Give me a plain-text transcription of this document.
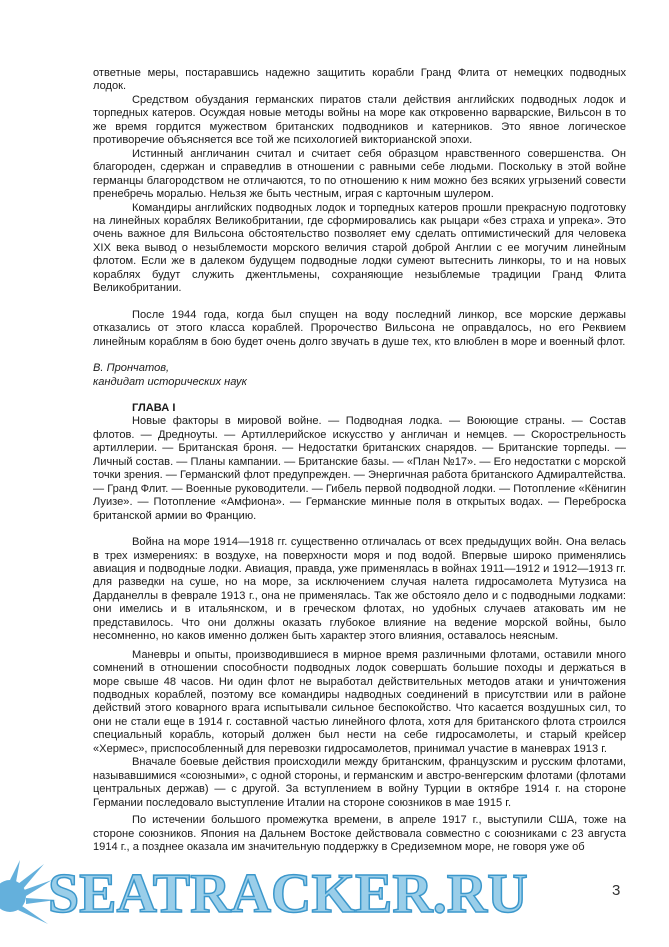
ответные меры, постаравшись надежно защитить корабли Гранд Флита от немецких подводных лодок.

Средством обуздания германских пиратов стали действия английских подводных лодок и торпедных катеров. Осуждая новые методы войны на море как откровенно варварские, Вильсон в то же время гордится мужеством британских подводников и катерников. Это явное логическое противоречие объясняется все той же психологией викторианской эпохи.

Истинный англичанин считал и считает себя образцом нравственного совершенства. Он благороден, сдержан и справедлив в отношении с равными себе людьми. Поскольку в этой войне германцы благородством не отличаются, то по отношению к ним можно без всяких угрызений совести пренебречь моралью. Нельзя же быть честным, играя с карточным шулером.

Командиры английских подводных лодок и торпедных катеров прошли прекрасную подготовку на линейных кораблях Великобритании, где сформировались как рыцари «без страха и упрека». Это очень важное для Вильсона обстоятельство позволяет ему сделать оптимистический для человека XIX века вывод о незыблемости морского величия старой доброй Англии с ее могучим линейным флотом. Если же в далеком будущем подводные лодки сумеют вытеснить линкоры, то и на новых кораблях будут служить джентльмены, сохраняющие незыблемые традиции Гранд Флита Великобритании.

После 1944 года, когда был спущен на воду последний линкор, все морские державы отказались от этого класса кораблей. Пророчество Вильсона не оправдалось, но его Реквием линейным кораблям в бою будет очень долго звучать в душе тех, кто влюблен в море и военный флот.

В. Прончатов,

кандидат исторических наук

ГЛАВА I

Новые факторы в мировой войне. — Подводная лодка. — Воюющие страны. — Состав флотов. — Дредноуты. — Артиллерийское искусство у англичан и немцев. — Скорострельность артиллерии. — Британская броня. — Недостатки британских снарядов. — Британские торпеды. — Личный состав. — Планы кампании. — Британские базы. — «План №17». — Его недостатки с морской точки зрения. — Германский флот предупрежден. — Энергичная работа британского Адмиралтейства. — Гранд Флит. — Военные руководители. — Гибель первой подводной лодки. — Потопление «Кёнигин Луизе». — Потопление «Амфиона». — Германские минные поля в открытых водах. — Переброска британской армии во Францию.

Война на море 1914—1918 гг. существенно отличалась от всех предыдущих войн. Она велась в трех измерениях: в воздухе, на поверхности моря и под водой. Впервые широко применялись авиация и подводные лодки. Авиация, правда, уже применялась в войнах 1911—1912 и 1912—1913 гг. для разведки на суше, но на море, за исключением случая налета гидросамолета Мутузиса на Дарданеллы в феврале 1913 г., она не применялась. Так же обстояло дело и с подводными лодками: они имелись и в итальянском, и в греческом флотах, но удобных случаев атаковать им не представилось. Что они должны оказать глубокое влияние на ведение морской войны, было несомненно, но каков именно должен быть характер этого влияния, оставалось неясным.

Маневры и опыты, производившиеся в мирное время различными флотами, оставили много сомнений в отношении способности подводных лодок совершать большие походы и держаться в море свыше 48 часов. Ни один флот не выработал действительных методов атаки и уничтожения подводных кораблей, поэтому все командиры надводных соединений в присутствии или в районе действий этого коварного врага испытывали сильное беспокойство. Что касается воздушных сил, то они не стали еще в 1914 г. составной частью линейного флота, хотя для британского флота строился специальный корабль, который должен был нести на себе гидросамолеты, и старый крейсер «Хермес», приспособленный для перевозки гидросамолетов, принимал участие в маневрах 1913 г.

Вначале боевые действия происходили между британским, французским и русским флотами, называвшимися «союзными», с одной стороны, и германским и австро-венгерским флотами (флотами центральных держав) — с другой. За вступлением в войну Турции в октябре 1914 г. на стороне Германии последовало выступление Италии на стороне союзников в мае 1915 г.

По истечении большого промежутка времени, в апреле 1917 г., выступили США, тоже на стороне союзников. Япония на Дальнем Востоке действовала совместно с союзниками с 23 августа 1914 г., а позднее оказала им значительную поддержку в Средиземном море, не говоря уже об

SEATRACKER.RU	3
